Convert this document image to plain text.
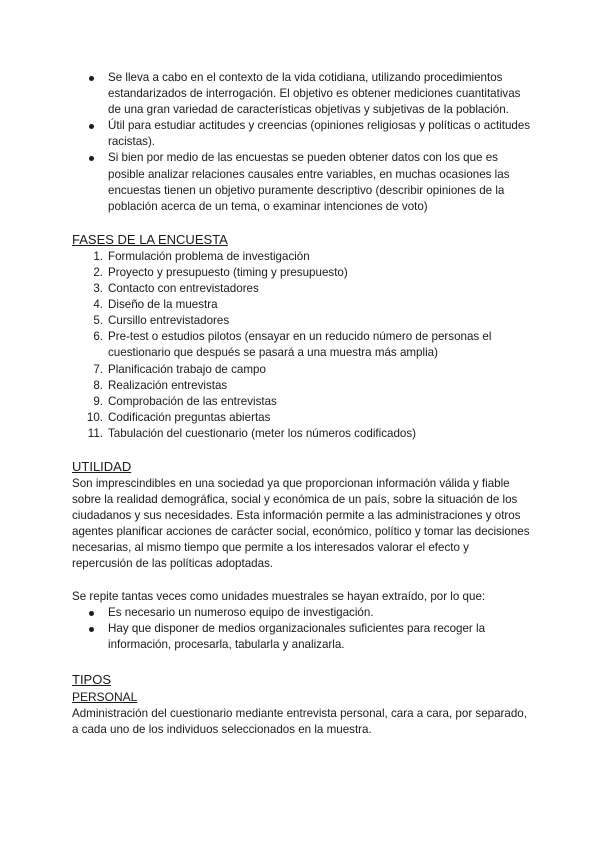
Se lleva a cabo en el contexto de la vida cotidiana, utilizando procedimientos estandarizados de interrogación. El objetivo es obtener mediciones cuantitativas de una gran variedad de características objetivas y subjetivas de la población.
Útil para estudiar actitudes y creencias (opiniones religiosas y políticas o actitudes racistas).
Si bien por medio de las encuestas se pueden obtener datos con los que es posible analizar relaciones causales entre variables, en muchas ocasiones las encuestas tienen un objetivo puramente descriptivo (describir opiniones de la población acerca de un tema, o examinar intenciones de voto)
FASES DE LA ENCUESTA
1. Formulación problema de investigación
2. Proyecto y presupuesto (timing y presupuesto)
3. Contacto con entrevistadores
4. Diseño de la muestra
5. Cursillo entrevistadores
6. Pre-test o estudios pilotos (ensayar en un reducido número de personas el cuestionario que después se pasará a una muestra más amplia)
7. Planificación trabajo de campo
8. Realización entrevistas
9. Comprobación de las entrevistas
10. Codificación preguntas abiertas
11. Tabulación del cuestionario (meter los números codificados)
UTILIDAD

Son imprescindibles en una sociedad ya que proporcionan información válida y fiable sobre la realidad demográfica, social y económica de un país, sobre la situación de los ciudadanos y sus necesidades. Esta información permite a las administraciones y otros agentes planificar acciones de carácter social, económico, político y tomar las decisiones necesarias, al mismo tiempo que permite a los interesados valorar el efecto y repercusión de las políticas adoptadas.

Se repite tantas veces como unidades muestrales se hayan extraído, por lo que:

Es necesario un numeroso equipo de investigación.
Hay que disponer de medios organizacionales suficientes para recoger la información, procesarla, tabularla y analizarla.
TIPOS
PERSONAL

Administración del cuestionario mediante entrevista personal, cara a cara, por separado, a cada uno de los individuos seleccionados en la muestra.
